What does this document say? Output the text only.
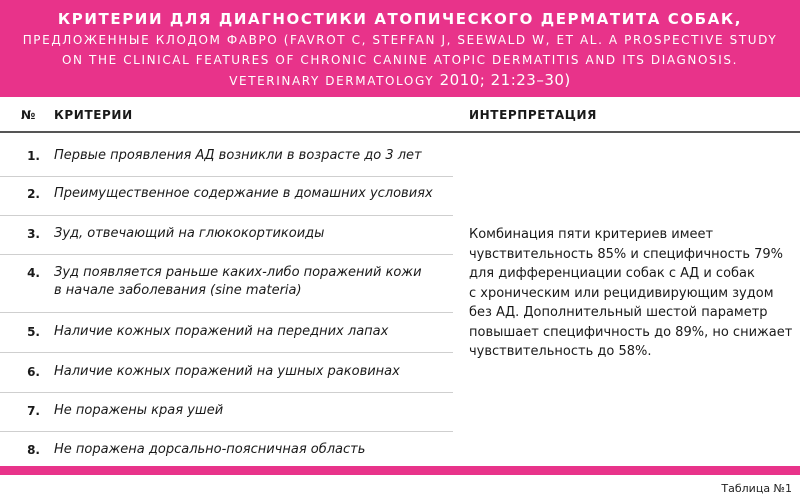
КРИТЕРИИ ДЛЯ ДИАГНОСТИКИ АТОПИЧЕСКОГО ДЕРМАТИТА СОБАК,
ПРЕДЛОЖЕННЫЕ КЛОДОМ ФАВРО (FAVROT C, STEFFAN J, SEEWALD W, ET AL. A PROSPECTIVE STUDY
ON THE CLINICAL FEATURES OF CHRONIC CANINE ATOPIC DERMATITIS AND ITS DIAGNOSIS.
VETERINARY DERMATOLOGY 2010; 21:23–30)
№ КРИТЕРИИ	ИНТЕРПРЕТАЦИЯ
1. Первые проявления АД возникли в возрасте до 3 лет
2. Преимущественное содержание в домашних условиях
3. Зуд, отвечающий на глюкокортикоиды
4. Зуд появляется раньше каких-либо поражений кожи
в начале заболевания (sine materia)
5. Наличие кожных поражений на передних лапах
6. Наличие кожных поражений на ушных раковинах
7. Не поражены края ушей
8. Не поражена дорсально-поясничная область
Комбинация пяти критериев имеет
чувствительность 85% и специфичность 79%
для дифференциации собак с АД и собак
с хроническим или рецидивирующим зудом
без АД. Дополнительный шестой параметр
повышает специфичность до 89%, но снижает
чувствительность до 58%.
Таблица №1
